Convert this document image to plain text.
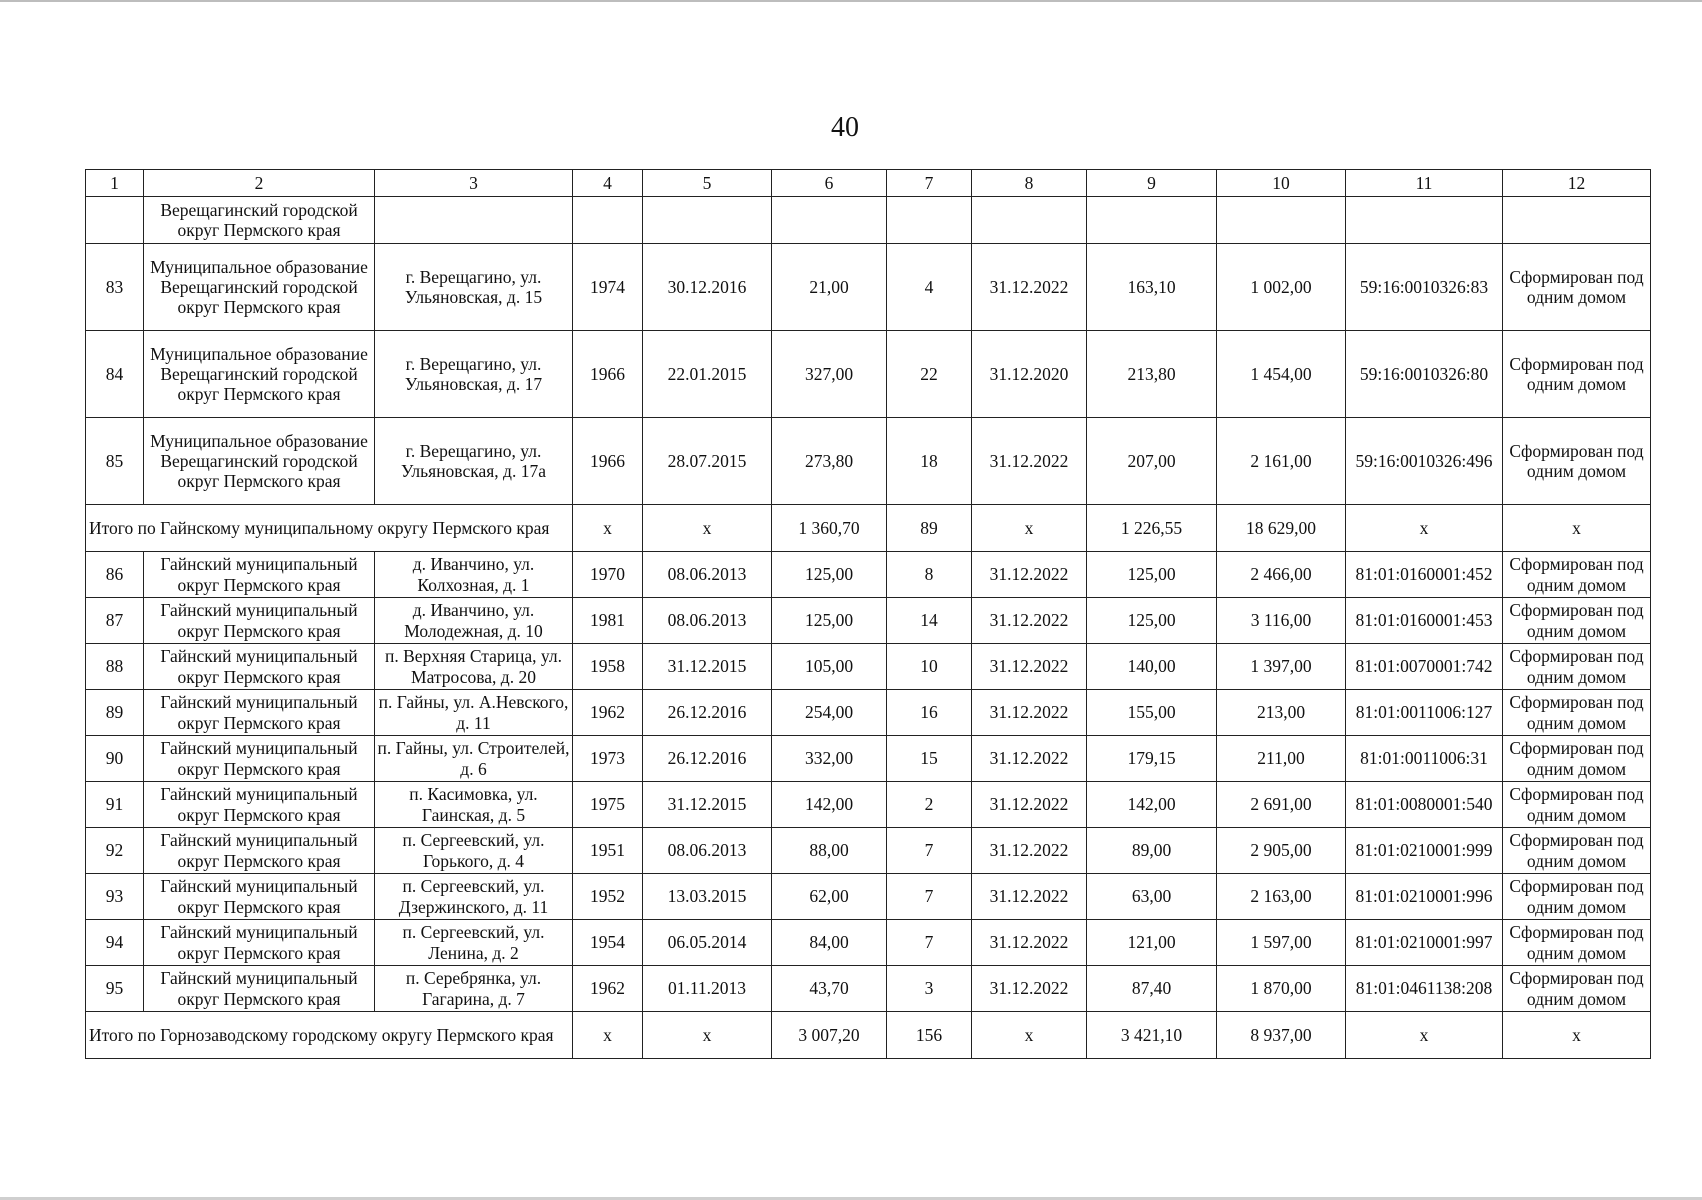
40
1	2	3	4	5	6	7	8	9	10	11	12
	Верещагинский городской округ Пермского края										
83	Муниципальное образование Верещагинский городской округ Пермского края	г. Верещагино, ул. Ульяновская, д. 15	1974	30.12.2016	21,00	4	31.12.2022	163,10	1 002,00	59:16:0010326:83	Сформирован под одним домом
84	Муниципальное образование Верещагинский городской округ Пермского края	г. Верещагино, ул. Ульяновская, д. 17	1966	22.01.2015	327,00	22	31.12.2020	213,80	1 454,00	59:16:0010326:80	Сформирован под одним домом
85	Муниципальное образование Верещагинский городской округ Пермского края	г. Верещагино, ул. Ульяновская, д. 17а	1966	28.07.2015	273,80	18	31.12.2022	207,00	2 161,00	59:16:0010326:496	Сформирован под одним домом
Итого по Гайнскому муниципальному округу Пермского края			x	x	1 360,70	89	x	1 226,55	18 629,00	x	x
86	Гайнский муниципальный округ Пермского края	д. Иванчино, ул. Колхозная, д. 1	1970	08.06.2013	125,00	8	31.12.2022	125,00	2 466,00	81:01:0160001:452	Сформирован под одним домом
87	Гайнский муниципальный округ Пермского края	д. Иванчино, ул. Молодежная, д. 10	1981	08.06.2013	125,00	14	31.12.2022	125,00	3 116,00	81:01:0160001:453	Сформирован под одним домом
88	Гайнский муниципальный округ Пермского края	п. Верхняя Старица, ул. Матросова, д. 20	1958	31.12.2015	105,00	10	31.12.2022	140,00	1 397,00	81:01:0070001:742	Сформирован под одним домом
89	Гайнский муниципальный округ Пермского края	п. Гайны, ул. А.Невского, д. 11	1962	26.12.2016	254,00	16	31.12.2022	155,00	213,00	81:01:0011006:127	Сформирован под одним домом
90	Гайнский муниципальный округ Пермского края	п. Гайны, ул. Строителей, д. 6	1973	26.12.2016	332,00	15	31.12.2022	179,15	211,00	81:01:0011006:31	Сформирован под одним домом
91	Гайнский муниципальный округ Пермского края	п. Касимовка, ул. Гаинская, д. 5	1975	31.12.2015	142,00	2	31.12.2022	142,00	2 691,00	81:01:0080001:540	Сформирован под одним домом
92	Гайнский муниципальный округ Пермского края	п. Сергеевский, ул. Горького, д. 4	1951	08.06.2013	88,00	7	31.12.2022	89,00	2 905,00	81:01:0210001:999	Сформирован под одним домом
93	Гайнский муниципальный округ Пермского края	п. Сергеевский, ул. Дзержинского, д. 11	1952	13.03.2015	62,00	7	31.12.2022	63,00	2 163,00	81:01:0210001:996	Сформирован под одним домом
94	Гайнский муниципальный округ Пермского края	п. Сергеевский, ул. Ленина, д. 2	1954	06.05.2014	84,00	7	31.12.2022	121,00	1 597,00	81:01:0210001:997	Сформирован под одним домом
95	Гайнский муниципальный округ Пермского края	п. Серебрянка, ул. Гагарина, д. 7	1962	01.11.2013	43,70	3	31.12.2022	87,40	1 870,00	81:01:0461138:208	Сформирован под одним домом
Итого по Горнозаводскому городскому округу Пермского края			x	x	3 007,20	156	x	3 421,10	8 937,00	x	x
